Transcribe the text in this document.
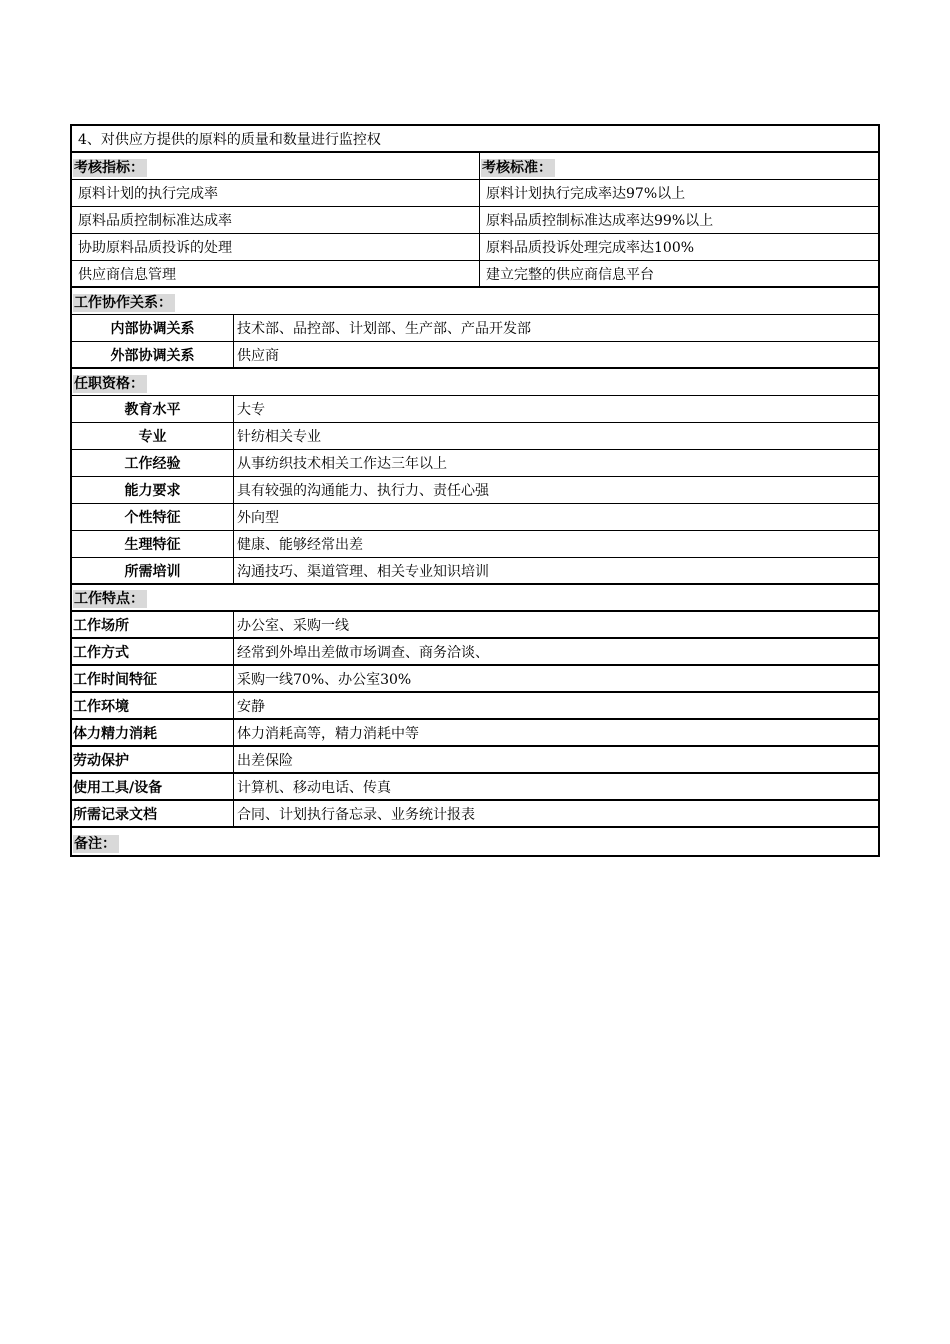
4、对供应方提供的原料的质量和数量进行监控权
考核指标：	考核标准：
原料计划的执行完成率	原料计划执行完成率达97%以上
原料品质控制标准达成率	原料品质控制标准达成率达99%以上
协助原料品质投诉的处理	原料品质投诉处理完成率达100%
供应商信息管理	建立完整的供应商信息平台
工作协作关系：
内部协调关系	技术部、品控部、计划部、生产部、产品开发部
外部协调关系	供应商
任职资格：
教育水平	大专
专业	针纺相关专业
工作经验	从事纺织技术相关工作达三年以上
能力要求	具有较强的沟通能力、执行力、责任心强
个性特征	外向型
生理特征	健康、能够经常出差
所需培训	沟通技巧、渠道管理、相关专业知识培训
工作特点：
工作场所	办公室、采购一线
工作方式	经常到外埠出差做市场调查、商务洽谈、
工作时间特征	采购一线70%、办公室30%
工作环境	安静
体力精力消耗	体力消耗高等，精力消耗中等
劳动保护	出差保险
使用工具/设备	计算机、移动电话、传真
所需记录文档	合同、计划执行备忘录、业务统计报表
备注：
